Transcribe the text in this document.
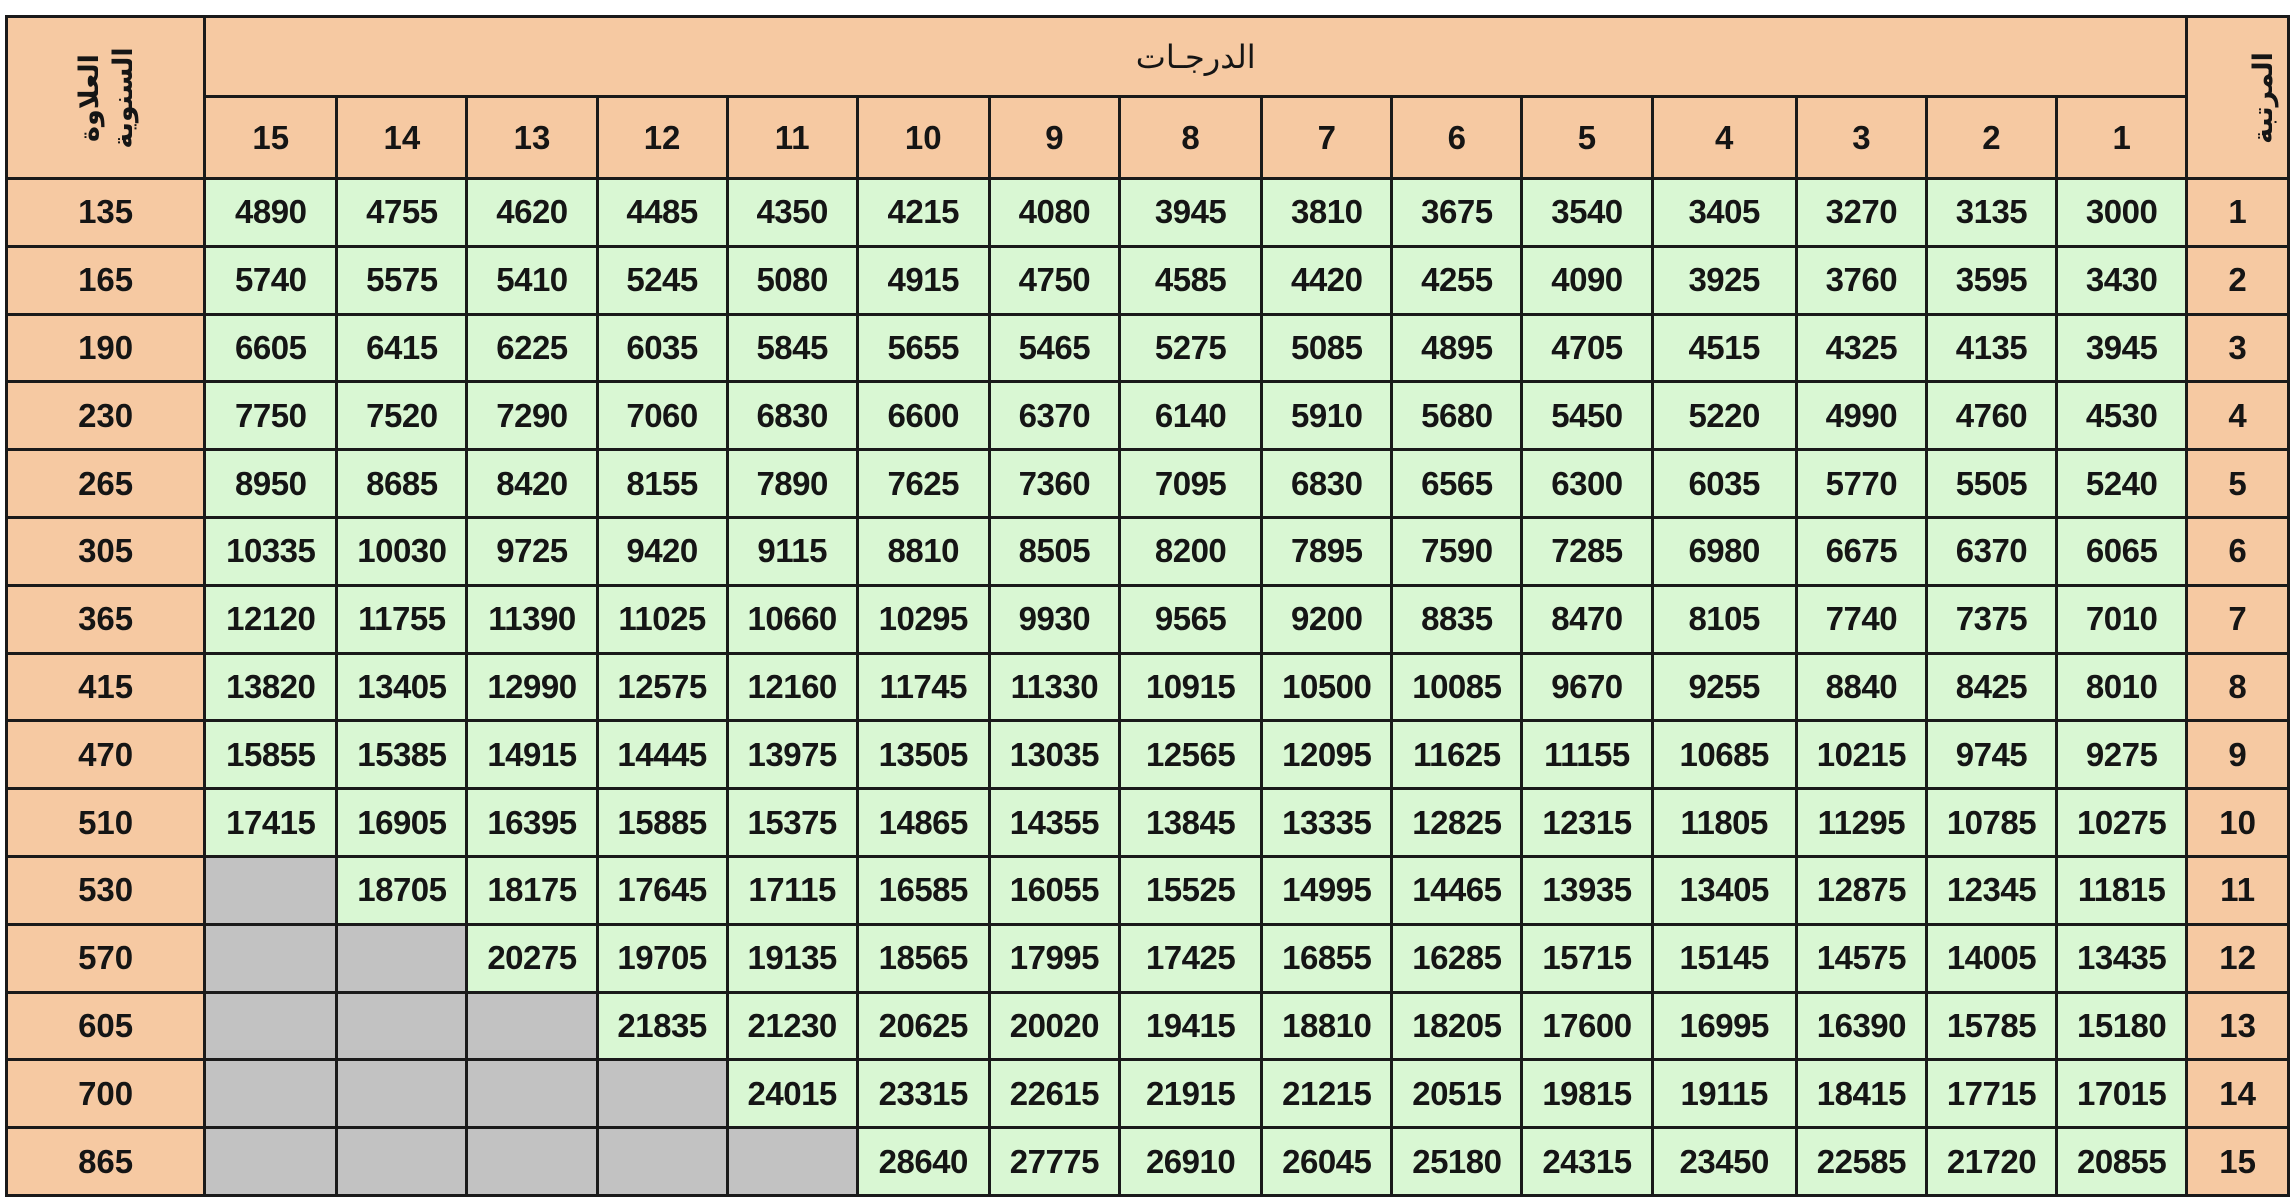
العلاوة السنوية	الدرجـات															المرتبة
	15	14	13	12	11	10	9	8	7	6	5	4	3	2	1	
135	4890	4755	4620	4485	4350	4215	4080	3945	3810	3675	3540	3405	3270	3135	3000	1
165	5740	5575	5410	5245	5080	4915	4750	4585	4420	4255	4090	3925	3760	3595	3430	2
190	6605	6415	6225	6035	5845	5655	5465	5275	5085	4895	4705	4515	4325	4135	3945	3
230	7750	7520	7290	7060	6830	6600	6370	6140	5910	5680	5450	5220	4990	4760	4530	4
265	8950	8685	8420	8155	7890	7625	7360	7095	6830	6565	6300	6035	5770	5505	5240	5
305	10335	10030	9725	9420	9115	8810	8505	8200	7895	7590	7285	6980	6675	6370	6065	6
365	12120	11755	11390	11025	10660	10295	9930	9565	9200	8835	8470	8105	7740	7375	7010	7
415	13820	13405	12990	12575	12160	11745	11330	10915	10500	10085	9670	9255	8840	8425	8010	8
470	15855	15385	14915	14445	13975	13505	13035	12565	12095	11625	11155	10685	10215	9745	9275	9
510	17415	16905	16395	15885	15375	14865	14355	13845	13335	12825	12315	11805	11295	10785	10275	10
530		18705	18175	17645	17115	16585	16055	15525	14995	14465	13935	13405	12875	12345	11815	11
570			20275	19705	19135	18565	17995	17425	16855	16285	15715	15145	14575	14005	13435	12
605				21835	21230	20625	20020	19415	18810	18205	17600	16995	16390	15785	15180	13
700					24015	23315	22615	21915	21215	20515	19815	19115	18415	17715	17015	14
865						28640	27775	26910	26045	25180	24315	23450	22585	21720	20855	15
